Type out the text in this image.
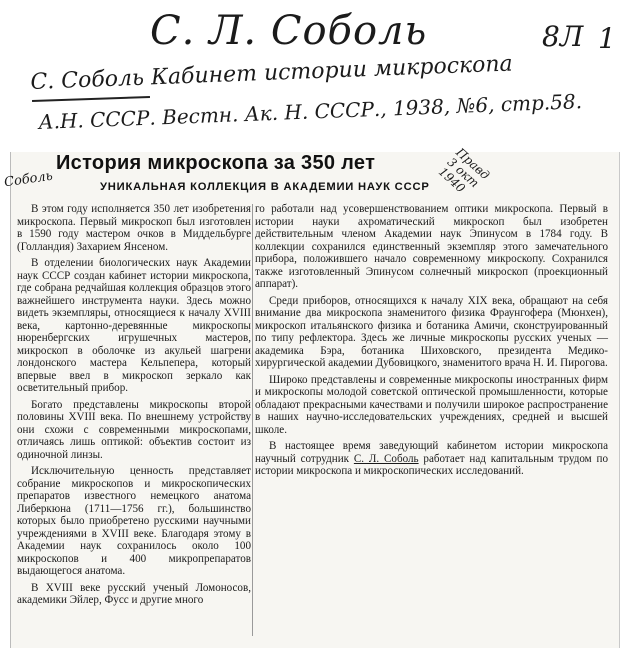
С. Л. Соболь	8Л 1
С. Соболь Кабинет истории микроскопа
А.Н. СССР. Вестн. Ак. Н. СССР., 1938, №6, стр.58.
Соболь
История микроскопа за 350 лет	Правд
3 окт
1940
УНИКАЛЬНАЯ КОЛЛЕКЦИЯ В АКАДЕМИИ НАУК СССР

В этом году исполняется 350 лет изобретения микроскопа. Первый микроскоп был изготовлен в 1590 году мастером очков в Миддельбурге (Голландия) Захарием Янсеном.

В отделении биологических наук Академии наук СССР создан кабинет истории микроскопа, где собрана редчайшая коллекция образцов этого важнейшего инструмента науки. Здесь можно видеть экземпляры, относящиеся к началу XVIII века, картонно-деревянные микроскопы нюренбергских игрушечных мастеров, микроскоп в оболочке из акульей шагрени лондонского мастера Кельпепера, который впервые ввел в микроскоп зеркало как осветительный прибор.

Богато представлены микроскопы второй половины XVIII века. По внешнему устройству они схожи с современными микроскопами, отличаясь лишь оптикой: объектив состоит из одиночной линзы.

Исключительную ценность представляет собрание микроскопов и микроскопических препаратов известного немецкого анатома Либеркюна (1711—1756 гг.), большинство которых было приобретено русскими научными учреждениями в XVIII веке. Благодаря этому в Академии наук сохранилось около 100 микроскопов и 400 микропрепаратов выдающегося анатома.

В XVIII веке русский ученый Ломоносов, академики Эйлер, Фусс и другие много

го работали над усовершенствованием оптики микроскопа. Первый в истории науки ахроматический микроскоп был изобретен действительным членом Академии наук Эпинусом в 1784 году. В коллекции сохранился единственный экземпляр этого замечательного прибора, положившего начало современному микроскопу. Сохранился также изготовленный Эпинусом солнечный микроскоп (проекционный аппарат).

Среди приборов, относящихся к началу XIX века, обращают на себя внимание два микроскопа знаменитого физика Фраунгофера (Мюнхен), микроскоп итальянского физика и ботаника Амичи, сконструированный по типу рефлектора. Здесь же личные микроскопы русских ученых — академика Бэра, ботаника Шиховского, президента Медико-хирургической академии Дубовицкого, знаменитого врача Н. И. Пирогова.

Широко представлены и современные микроскопы иностранных фирм и микроскопы молодой советской оптической промышленности, которые обладают прекрасными качествами и получили широкое распространение в наших научно-исследовательских учреждениях, средней и высшей школе.

В настоящее время заведующий кабинетом истории микроскопа научный сотрудник С. Л. Соболь работает над капитальным трудом по истории микроскопа и микроскопических исследований.
